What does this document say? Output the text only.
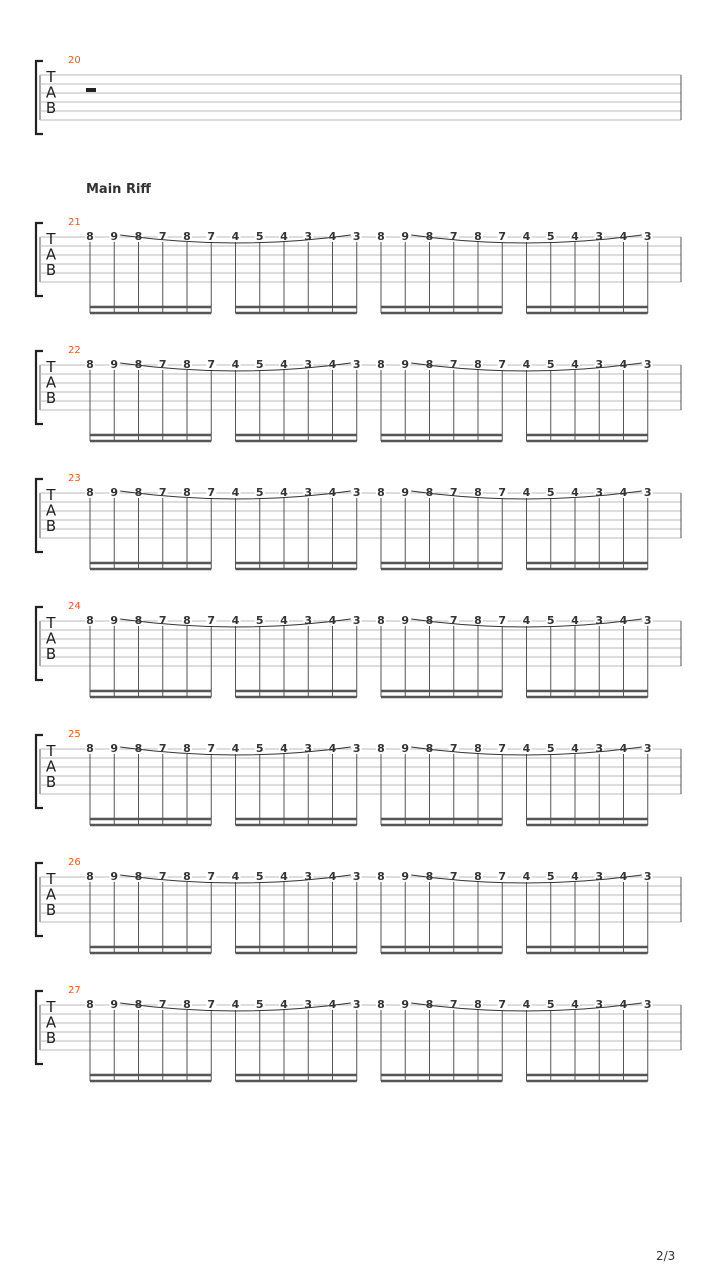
Main Riff
2/3
20
T
A
B
21
T
A
B
8 9 8 7 8 7 4 5 4 3 4 3 8 9 8 7 8 7 4 5 4 3 4 3
22
T
A
B
8 9 8 7 8 7 4 5 4 3 4 3 8 9 8 7 8 7 4 5 4 3 4 3
23
T
A
B
8 9 8 7 8 7 4 5 4 3 4 3 8 9 8 7 8 7 4 5 4 3 4 3
24
T
A
B
8 9 8 7 8 7 4 5 4 3 4 3 8 9 8 7 8 7 4 5 4 3 4 3
25
T
A
B
8 9 8 7 8 7 4 5 4 3 4 3 8 9 8 7 8 7 4 5 4 3 4 3
26
T
A
B
8 9 8 7 8 7 4 5 4 3 4 3 8 9 8 7 8 7 4 5 4 3 4 3
27
T
A
B
8 9 8 7 8 7 4 5 4 3 4 3 8 9 8 7 8 7 4 5 4 3 4 3
